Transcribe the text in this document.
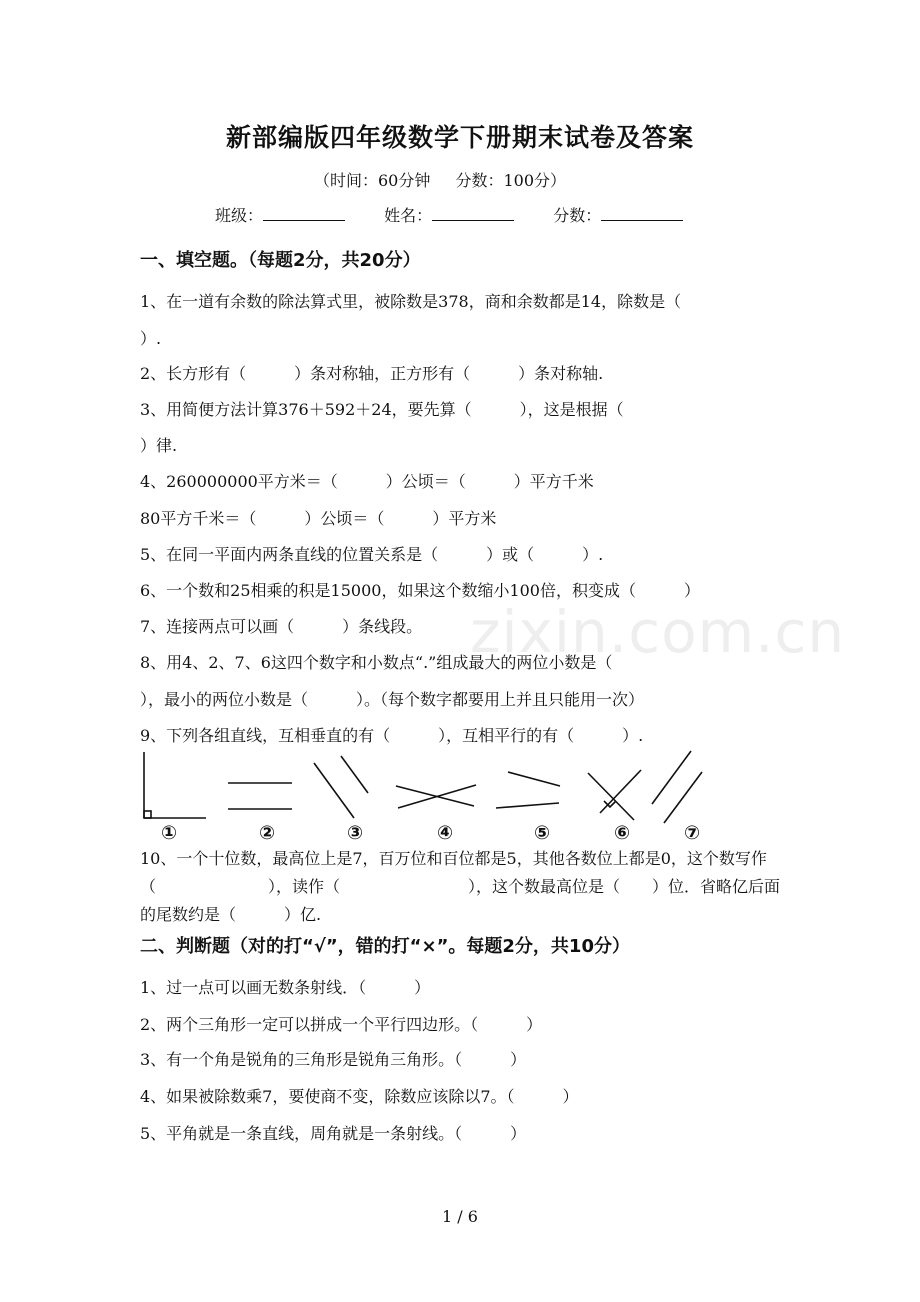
zixin.com.cn
新部编版四年级数学下册期末试卷及答案
（时间：60分钟 分数：100分）
班级：	姓名：	分数：
一、填空题。（每题2分，共20分）
1、在一道有余数的除法算式里，被除数是378，商和余数都是14，除数是（
）.
2、长方形有（　　　）条对称轴，正方形有（　　　）条对称轴.
3、用简便方法计算376＋592＋24，要先算（　　　），这是根据（
）律.
4、260000000平方米＝（　　　）公顷＝（　　　）平方千米
80平方千米＝（　　　）公顷＝（　　　）平方米
5、在同一平面内两条直线的位置关系是（　　　）或（　　　）.
6、一个数和25相乘的积是15000，如果这个数缩小100倍，积变成（　　　）
7、连接两点可以画（　　　）条线段。
8、用4、2、7、6这四个数字和小数点“.”组成最大的两位小数是（
），最小的两位小数是（　　　）。（每个数字都要用上并且只能用一次）
9、下列各组直线，互相垂直的有（　　　），互相平行的有（　　　）.
①	②	③	④	⑤	⑥	⑦
10、一个十位数，最高位上是7，百万位和百位都是5，其他各数位上都是0，这个数写作（　　　　　　　），读作（　　　　　　　　），这个数最高位是（　　）位．省略亿后面的尾数约是（　　　）亿.
二、判断题（对的打“√”，错的打“×”。每题2分，共10分）
1、过一点可以画无数条射线．（　　　）
2、两个三角形一定可以拼成一个平行四边形。（　　　）
3、有一个角是锐角的三角形是锐角三角形。（　　　）
4、如果被除数乘7，要使商不变，除数应该除以7。（　　　）
5、平角就是一条直线，周角就是一条射线。（　　　）
1 / 6
